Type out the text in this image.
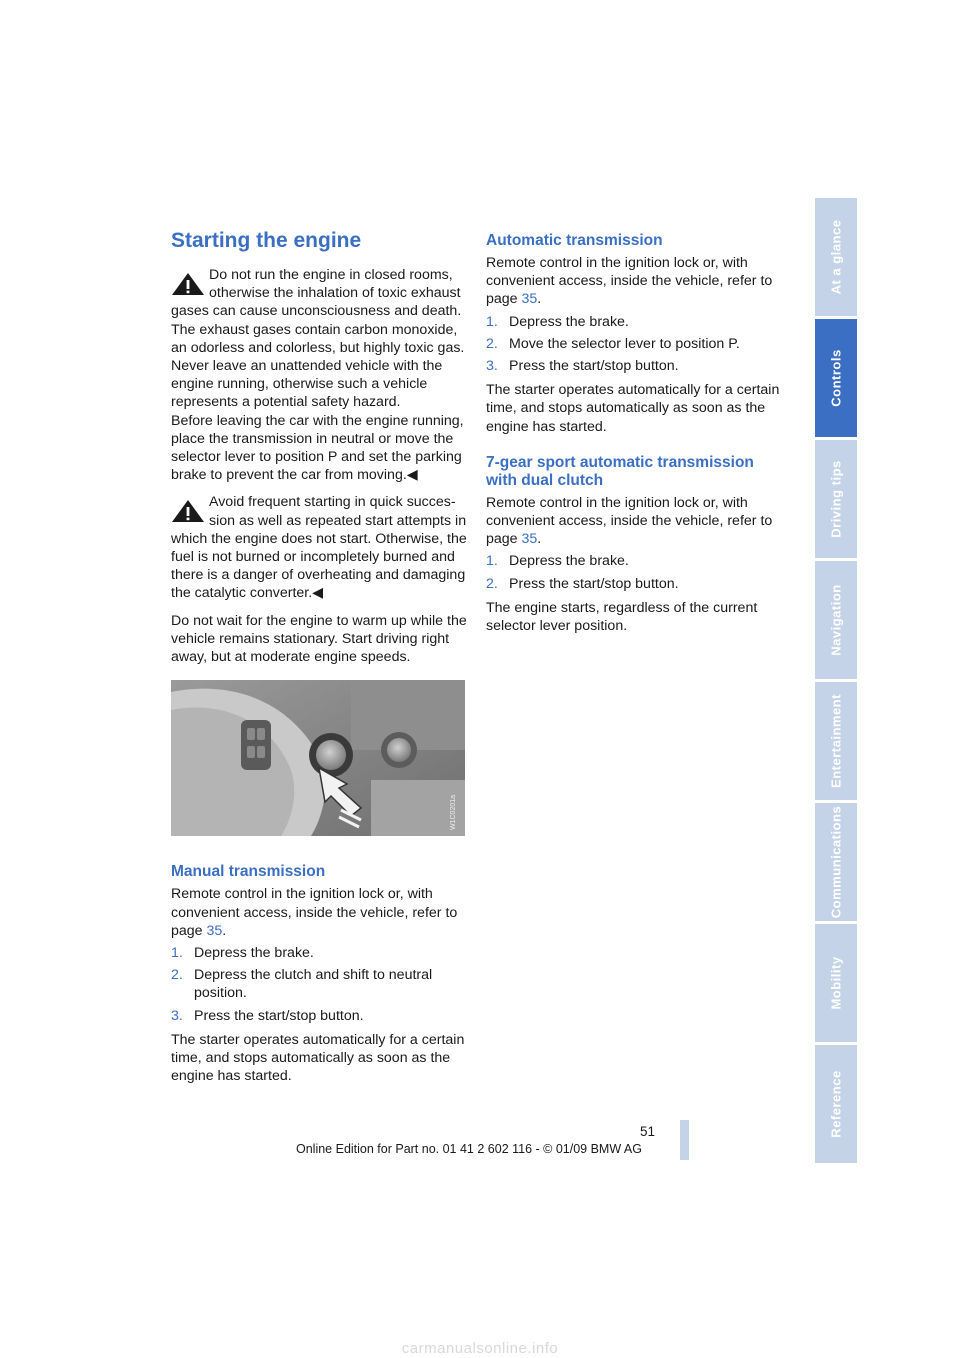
At a glance
Controls
Driving tips
Navigation
Entertainment
Communications
Mobility
Reference
Starting the engine

Do not run the engine in closed rooms,
otherwise the inhalation of toxic exhaust gases can cause unconsciousness and death. The exhaust gases contain carbon monoxide, an odorless and colorless, but highly toxic gas. Never leave an unattended vehicle with the engine running, otherwise such a vehicle represents a potential safety hazard.

Before leaving the car with the engine running, place the transmission in neutral or move the selector lever to position P and set the parking brake to prevent the car from moving.◀

Avoid frequent starting in quick succes-
sion as well as repeated start attempts in which the engine does not start. Otherwise, the fuel is not burned or incompletely burned and there is a danger of overheating and damaging the catalytic converter.◀

Do not wait for the engine to warm up while the vehicle remains stationary. Start driving right away, but at moderate engine speeds.

W1C0201a
Manual transmission

Remote control in the ignition lock or, with convenient access, inside the vehicle, refer to page 35.

1. Depress the brake.
2. Depress the clutch and shift to neutral position.
3. Press the start/stop button.

The starter operates automatically for a certain time, and stops automatically as soon as the engine has started.

Automatic transmission

Remote control in the ignition lock or, with convenient access, inside the vehicle, refer to page 35.

1. Depress the brake.
2. Move the selector lever to position P.
3. Press the start/stop button.

The starter operates automatically for a certain time, and stops automatically as soon as the engine has started.

7-gear sport automatic transmission with dual clutch

Remote control in the ignition lock or, with convenient access, inside the vehicle, refer to page 35.

1. Depress the brake.
2. Press the start/stop button.

The engine starts, regardless of the current selector lever position.

51
Online Edition for Part no. 01 41 2 602 116 - © 01/09 BMW AG
carmanualsonline.info
